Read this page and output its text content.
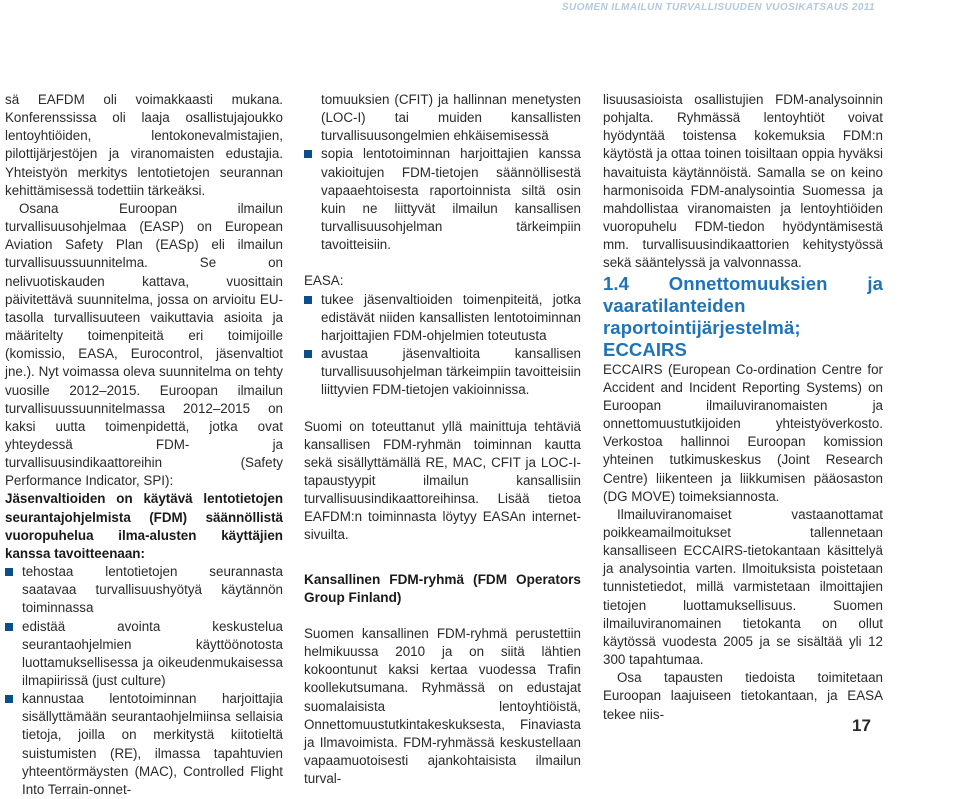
SUOMEN ILMAILUN TURVALLISUUDEN VUOSIKATSAUS 2011

sä EAFDM oli voimakkaasti mukana. Konferenssissa oli laaja osallistujajoukko lentoyhtiöiden, lentokonevalmistajien, pilottijärjestöjen ja viranomaisten edustajia. Yhteistyön merkitys lentotietojen seurannan kehittämisessä todettiin tärkeäksi.

Osana Euroopan ilmailun turvallisuusohjelmaa (EASP) on European Aviation Safety Plan (EASp) eli ilmailun turvallisuussuunnitelma. Se on nelivuotiskauden kattava, vuosittain päivitettävä suunnitelma, jossa on arvioitu EU-tasolla turvallisuuteen vaikuttavia asioita ja määritelty toimenpiteitä eri toimijoille (komissio, EASA, Eurocontrol, jäsenvaltiot jne.). Nyt voimassa oleva suunnitelma on tehty vuosille 2012–2015. Euroopan ilmailun turvallisuussuunnitelmassa 2012–2015 on kaksi uutta toimenpidettä, jotka ovat yhteydessä FDM- ja turvallisuusindikaattoreihin (Safety Performance Indicator, SPI):

Jäsenvaltioiden on käytävä lentotietojen seurantajohjelmista (FDM) säännöllistä vuoropuhelua ilma-alusten käyttäjien kanssa tavoitteenaan:

tehostaa lentotietojen seurannasta saatavaa turvallisuushyötyä käytännön toiminnassa
edistää avointa keskustelua seurantaohjelmien käyttöönotosta luottamuksellisessa ja oikeudenmukaisessa ilmapiirissä (just culture)
kannustaa lentotoiminnan harjoittajia sisällyttämään seurantaohjelmiinsa sellaisia tietoja, joilla on merkitystä kiitotieltä suistumisten (RE), ilmassa tapahtuvien yhteentörmäysten (MAC), Controlled Flight Into Terrain-onnet-
tomuuksien (CFIT) ja hallinnan menetysten (LOC-I) tai muiden kansallisten turvallisuusongelmien ehkäisemisessä
sopia lentotoiminnan harjoittajien kanssa vakioitujen FDM-tietojen säännöllisestä vapaaehtoisesta raportoinnista siltä osin kuin ne liittyvät ilmailun kansallisen turvallisuusohjelman tärkeimpiin tavoitteisiin.

EASA:

tukee jäsenvaltioiden toimenpiteitä, jotka edistävät niiden kansallisten lentotoiminnan harjoittajien FDM-ohjelmien toteutusta
avustaa jäsenvaltioita kansallisen turvallisuusohjelman tärkeimpiin tavoitteisiin liittyvien FDM-tietojen vakioinnissa.

Suomi on toteuttanut yllä mainittuja tehtäviä kansallisen FDM-ryhmän toiminnan kautta sekä sisällyttämällä RE, MAC, CFIT ja LOC-I-tapaustyypit ilmailun kansallisiin turvallisuusindikaattoreihinsa. Lisää tietoa EAFDM:n toiminnasta löytyy EASAn internet-sivuilta.

Kansallinen FDM-ryhmä (FDM Operators Group Finland)

Suomen kansallinen FDM-ryhmä perustettiin helmikuussa 2010 ja on siitä lähtien kokoontunut kaksi kertaa vuodessa Trafin koollekutsumana. Ryhmässä on edustajat suomalaisista lentoyhtiöistä, Onnettomuustutkintakeskuksesta, Finaviasta ja Ilmavoimista. FDM-ryhmässä keskustellaan vapaamuotoisesti ajankohtaisista ilmailun turval-

lisuusasioista osallistujien FDM-analysoinnin pohjalta. Ryhmässä lentoyhtiöt voivat hyödyntää toistensa kokemuksia FDM:n käytöstä ja ottaa toinen toisiltaan oppia hyväksi havaituista käytännöistä. Samalla se on keino harmonisoida FDM-analysointia Suomessa ja mahdollistaa viranomaisten ja lentoyhtiöiden vuoropuhelu FDM-tiedon hyödyntämisestä mm. turvallisuusindikaattorien kehitystyössä sekä sääntelyssä ja valvonnassa.

1.4 Onnettomuuksien ja vaaratilanteiden raportointijärjestelmä; ECCAIRS

ECCAIRS (European Co-ordination Centre for Accident and Incident Reporting Systems) on Euroopan ilmailuviranomaisten ja onnettomuustutkijoiden yhteistyöverkosto. Verkostoa hallinnoi Euroopan komission yhteinen tutkimuskeskus (Joint Research Centre) liikenteen ja liikkumisen pääosaston (DG MOVE) toimeksiannosta.

Ilmailuviranomaiset vastaanottamat poikkeamailmoitukset tallennetaan kansalliseen ECCAIRS-tietokantaan käsittelyä ja analysointia varten. Ilmoituksista poistetaan tunnistetiedot, millä varmistetaan ilmoittajien tietojen luottamuksellisuus. Suomen ilmailuviranomainen tietokanta on ollut käytössä vuodesta 2005 ja se sisältää yli 12 300 tapahtumaa.

Osa tapausten tiedoista toimitetaan Euroopan laajuiseen tietokantaan, ja EASA tekee niis-

17
